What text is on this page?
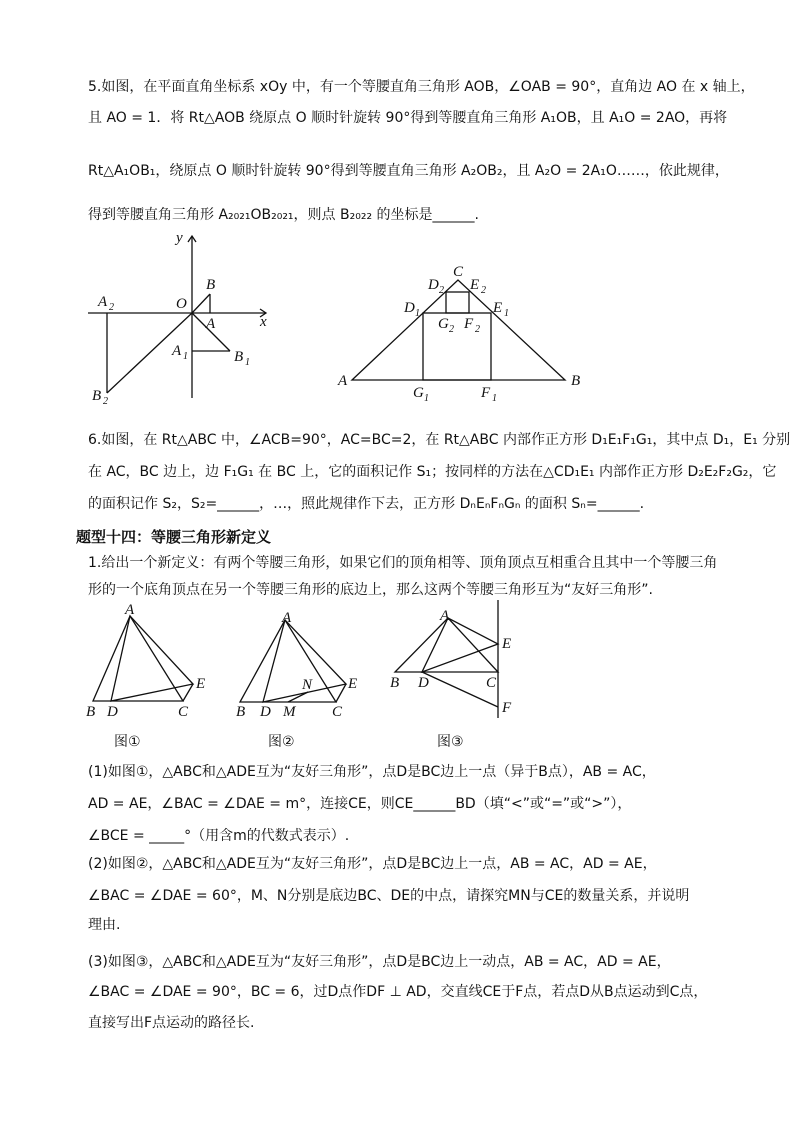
5.如图，在平面直角坐标系 xOy 中，有一个等腰直角三角形 AOB，∠OAB = 90°，直角边 AO 在 x 轴上，
且 AO = 1．将 Rt△AOB 绕原点 O 顺时针旋转 90°得到等腰直角三角形 A₁OB，且 A₁O = 2AO，再将
Rt△A₁OB₁，绕原点 O 顺时针旋转 90°得到等腰直角三角形 A₂OB₂，且 A₂O = 2A₁O……，依此规律，
得到等腰直角三角形 A₂₀₂₁OB₂₀₂₁，则点 B₂₀₂₂ 的坐标是______.
y
x
O
B
A
A 1	B 1
A 2
B 2
A	B
C
D 1	E 1
G 1	F 1
D 2 E 2
G 2 F 2
6.如图，在 Rt△ABC 中，∠ACB=90°，AC=BC=2，在 Rt△ABC 内部作正方形 D₁E₁F₁G₁，其中点 D₁，E₁ 分别
在 AC，BC 边上，边 F₁G₁ 在 BC 上，它的面积记作 S₁；按同样的方法在△CD₁E₁ 内部作正方形 D₂E₂F₂G₂，它
的面积记作 S₂，S₂=______，…，照此规律作下去，正方形 DₙEₙFₙGₙ 的面积 Sₙ=______.
题型十四：等腰三角形新定义
1.给出一个新定义：有两个等腰三角形，如果它们的顶角相等、顶角顶点互相重合且其中一个等腰三角
形的一个底角顶点在另一个等腰三角形的底边上，那么这两个等腰三角形互为“友好三角形”.
A
B D	C
E
图①
A
B D M
N
C
E
图②
A
B D	C
E
F
图③
(1)如图①，△ABC和△ADE互为“友好三角形”，点D是BC边上一点（异于B点），AB = AC，
AD = AE，∠BAC = ∠DAE = m°，连接CE，则CE______BD（填“<”或“=”或“>”），
∠BCE = _____°（用含m的代数式表示）.
(2)如图②，△ABC和△ADE互为“友好三角形”，点D是BC边上一点，AB = AC，AD = AE，
∠BAC = ∠DAE = 60°，M、N分别是底边BC、DE的中点，请探究MN与CE的数量关系，并说明
理由.
(3)如图③，△ABC和△ADE互为“友好三角形”，点D是BC边上一动点，AB = AC，AD = AE，
∠BAC = ∠DAE = 90°，BC = 6，过D点作DF ⊥ AD，交直线CE于F点，若点D从B点运动到C点，
直接写出F点运动的路径长.
